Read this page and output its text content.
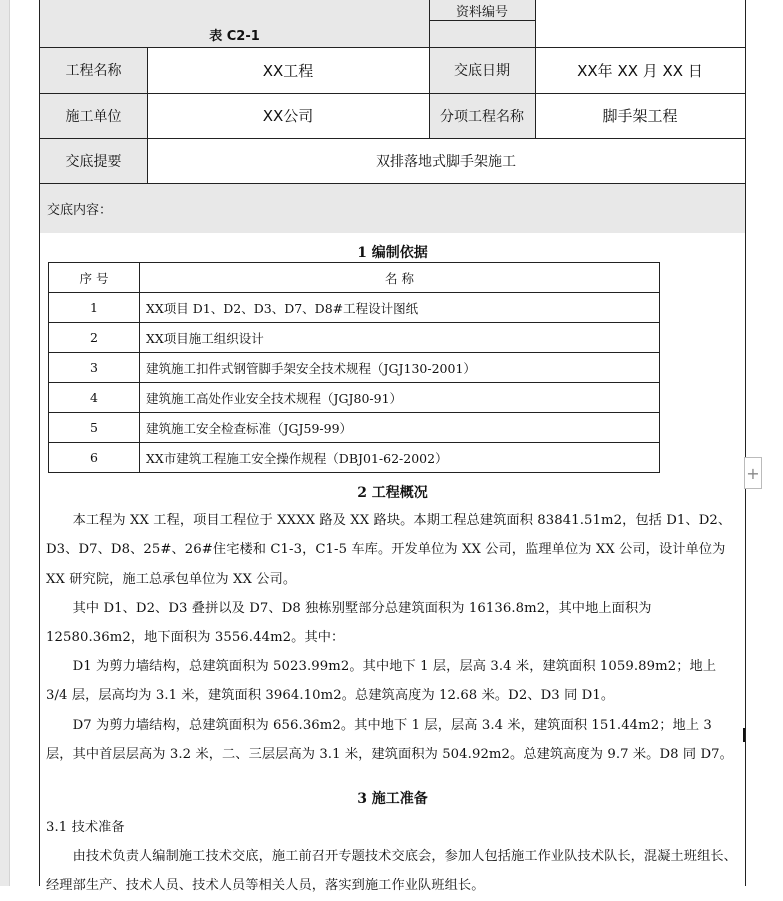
表 C2-1
资料编号
工程名称	XX工程	交底日期	XX年 XX 月 XX 日
施工单位	XX公司	分项工程名称	脚手架工程
交底提要	双排落地式脚手架施工
交底内容：
1 编制依据
序 号	名 称
1	XX项目 D1、D2、D3、D7、D8#工程设计图纸
2	XX项目施工组织设计
3	建筑施工扣件式钢管脚手架安全技术规程（JGJ130-2001）
4	建筑施工高处作业安全技术规程（JGJ80-91）
5	建筑施工安全检查标准（JGJ59-99）
6	XX市建筑工程施工安全操作规程（DBJ01-62-2002）
2 工程概况
　　本工程为 XX 工程，项目工程位于 XXXX 路及 XX 路块。本期工程总建筑面积 83841.51m2，包括 D1、D2、D3、D7、D8、25#、26#住宅楼和 C1-3，C1-5 车库。开发单位为 XX 公司，监理单位为 XX 公司，设计单位为 XX 研究院，施工总承包单位为 XX 公司。
　　其中 D1、D2、D3 叠拼以及 D7、D8 独栋别墅部分总建筑面积为 16136.8m2，其中地上面积为 12580.36m2，地下面积为 3556.44m2。其中：
　　D1 为剪力墙结构，总建筑面积为 5023.99m2。其中地下 1 层，层高 3.4 米，建筑面积 1059.89m2；地上 3/4 层，层高均为 3.1 米，建筑面积 3964.10m2。总建筑高度为 12.68 米。D2、D3 同 D1。
　　D7 为剪力墙结构，总建筑面积为 656.36m2。其中地下 1 层，层高 3.4 米，建筑面积 151.44m2；地上 3 层，其中首层层高为 3.2 米，二、三层层高为 3.1 米，建筑面积为 504.92m2。总建筑高度为 9.7 米。D8 同 D7。
3 施工准备
3.1 技术准备
　　由技术负责人编制施工技术交底，施工前召开专题技术交底会，参加人包括施工作业队技术队长，混凝土班组长、经理部生产、技术人员、技术人员等相关人员，落实到施工作业队班组长。
+
